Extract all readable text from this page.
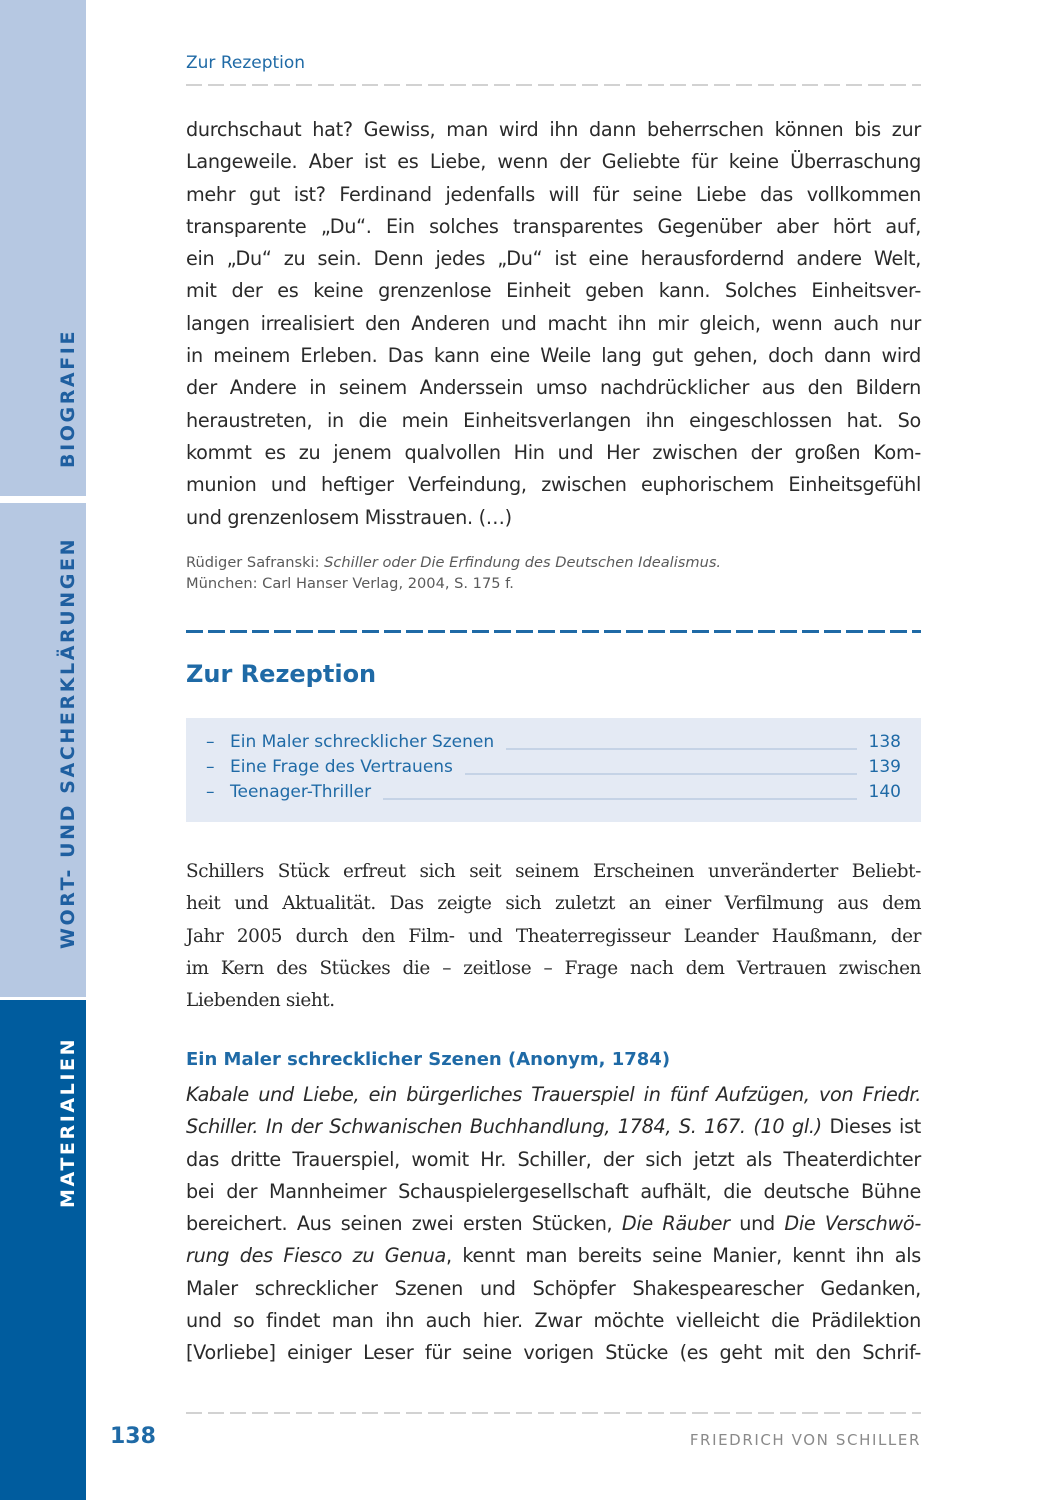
BIOGRAFIE
WORT- UND SACHERKLÄRUNGEN
MATERIALIEN
Zur Rezeption
durchschaut hat? Gewiss, man wird ihn dann beherrschen können bis zur
Langeweile. Aber ist es Liebe, wenn der Geliebte für keine Überraschung
mehr gut ist? Ferdinand jedenfalls will für seine Liebe das vollkommen
transparente „Du“. Ein solches transparentes Gegenüber aber hört auf,
ein „Du“ zu sein. Denn jedes „Du“ ist eine herausfordernd andere Welt,
mit der es keine grenzenlose Einheit geben kann. Solches Einheitsver-
langen irrealisiert den Anderen und macht ihn mir gleich, wenn auch nur
in meinem Erleben. Das kann eine Weile lang gut gehen, doch dann wird
der Andere in seinem Anderssein umso nachdrücklicher aus den Bildern
heraustreten, in die mein Einheitsverlangen ihn eingeschlossen hat. So
kommt es zu jenem qualvollen Hin und Her zwischen der großen Kom-
munion und heftiger Verfeindung, zwischen euphorischem Einheitsgefühl
und grenzenlosem Misstrauen. (…)
Rüdiger Safranski: Schiller oder Die Erfindung des Deutschen Idealismus.
München: Carl Hanser Verlag, 2004, S. 175 f.
Zur Rezeption
– Ein Maler schrecklicher Szenen	138
– Eine Frage des Vertrauens	139
– Teenager-Thriller	140
Schillers Stück erfreut sich seit seinem Erscheinen unveränderter Beliebt-
heit und Aktualität. Das zeigte sich zuletzt an einer Verfilmung aus dem
Jahr 2005 durch den Film- und Theaterregisseur Leander Haußmann, der
im Kern des Stückes die – zeitlose – Frage nach dem Vertrauen zwischen
Liebenden sieht.
Ein Maler schrecklicher Szenen (Anonym, 1784)
Kabale und Liebe, ein bürgerliches Trauerspiel in fünf Aufzügen, von Friedr.
Schiller. In der Schwanischen Buchhandlung, 1784, S. 167. (10 gl.) Dieses ist
das dritte Trauerspiel, womit Hr. Schiller, der sich jetzt als Theaterdichter
bei der Mannheimer Schauspielergesellschaft aufhält, die deutsche Bühne
bereichert. Aus seinen zwei ersten Stücken, Die Räuber und Die Verschwö-
rung des Fiesco zu Genua, kennt man bereits seine Manier, kennt ihn als
Maler schrecklicher Szenen und Schöpfer Shakespearescher Gedanken,
und so findet man ihn auch hier. Zwar möchte vielleicht die Prädilektion
[Vorliebe] einiger Leser für seine vorigen Stücke (es geht mit den Schrif-
138	FRIEDRICH VON SCHILLER
